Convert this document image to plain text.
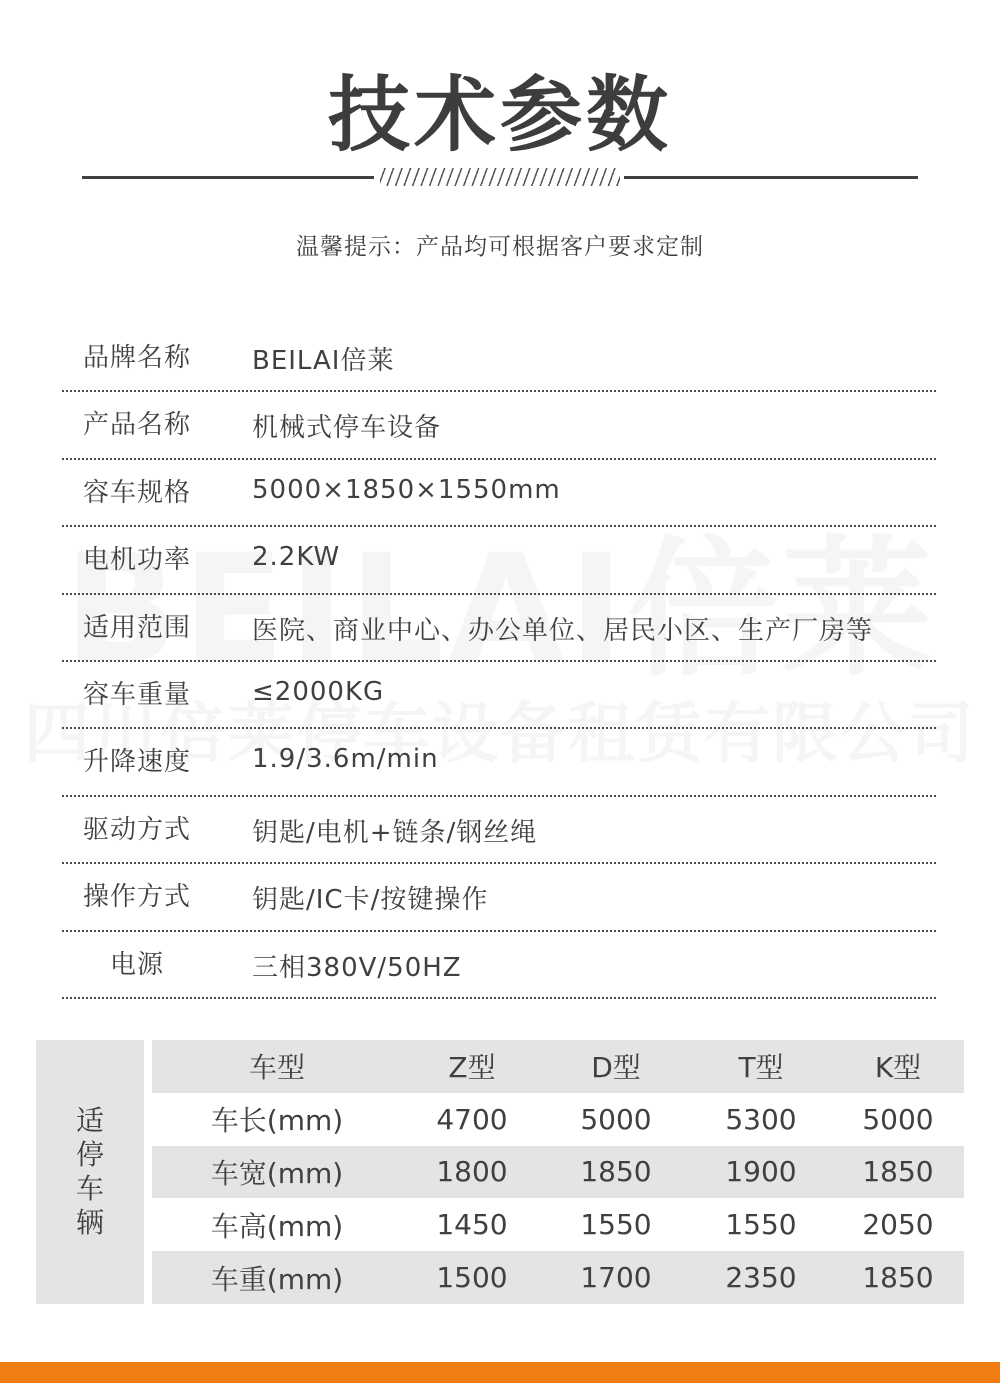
技术参数
温馨提示：产品均可根据客户要求定制
品牌名称	BEILAI倍莱
产品名称	机械式停车设备
容车规格	5000×1850×1550mm
电机功率	2.2KW
适用范围	医院、商业中心、办公单位、居民小区、生产厂房等
容车重量	≤2000KG
升降速度	1.9/3.6m/min
驱动方式	钥匙/电机+链条/钢丝绳
操作方式	钥匙/IC卡/按键操作
电源	三相380V/50HZ
适停车辆
车型	Z型	D型	T型	K型
车长(mm)	4700	5000	5300	5000
车宽(mm)	1800	1850	1900	1850
车高(mm)	1450	1550	1550	2050
车重(mm)	1500	1700	2350	1850
